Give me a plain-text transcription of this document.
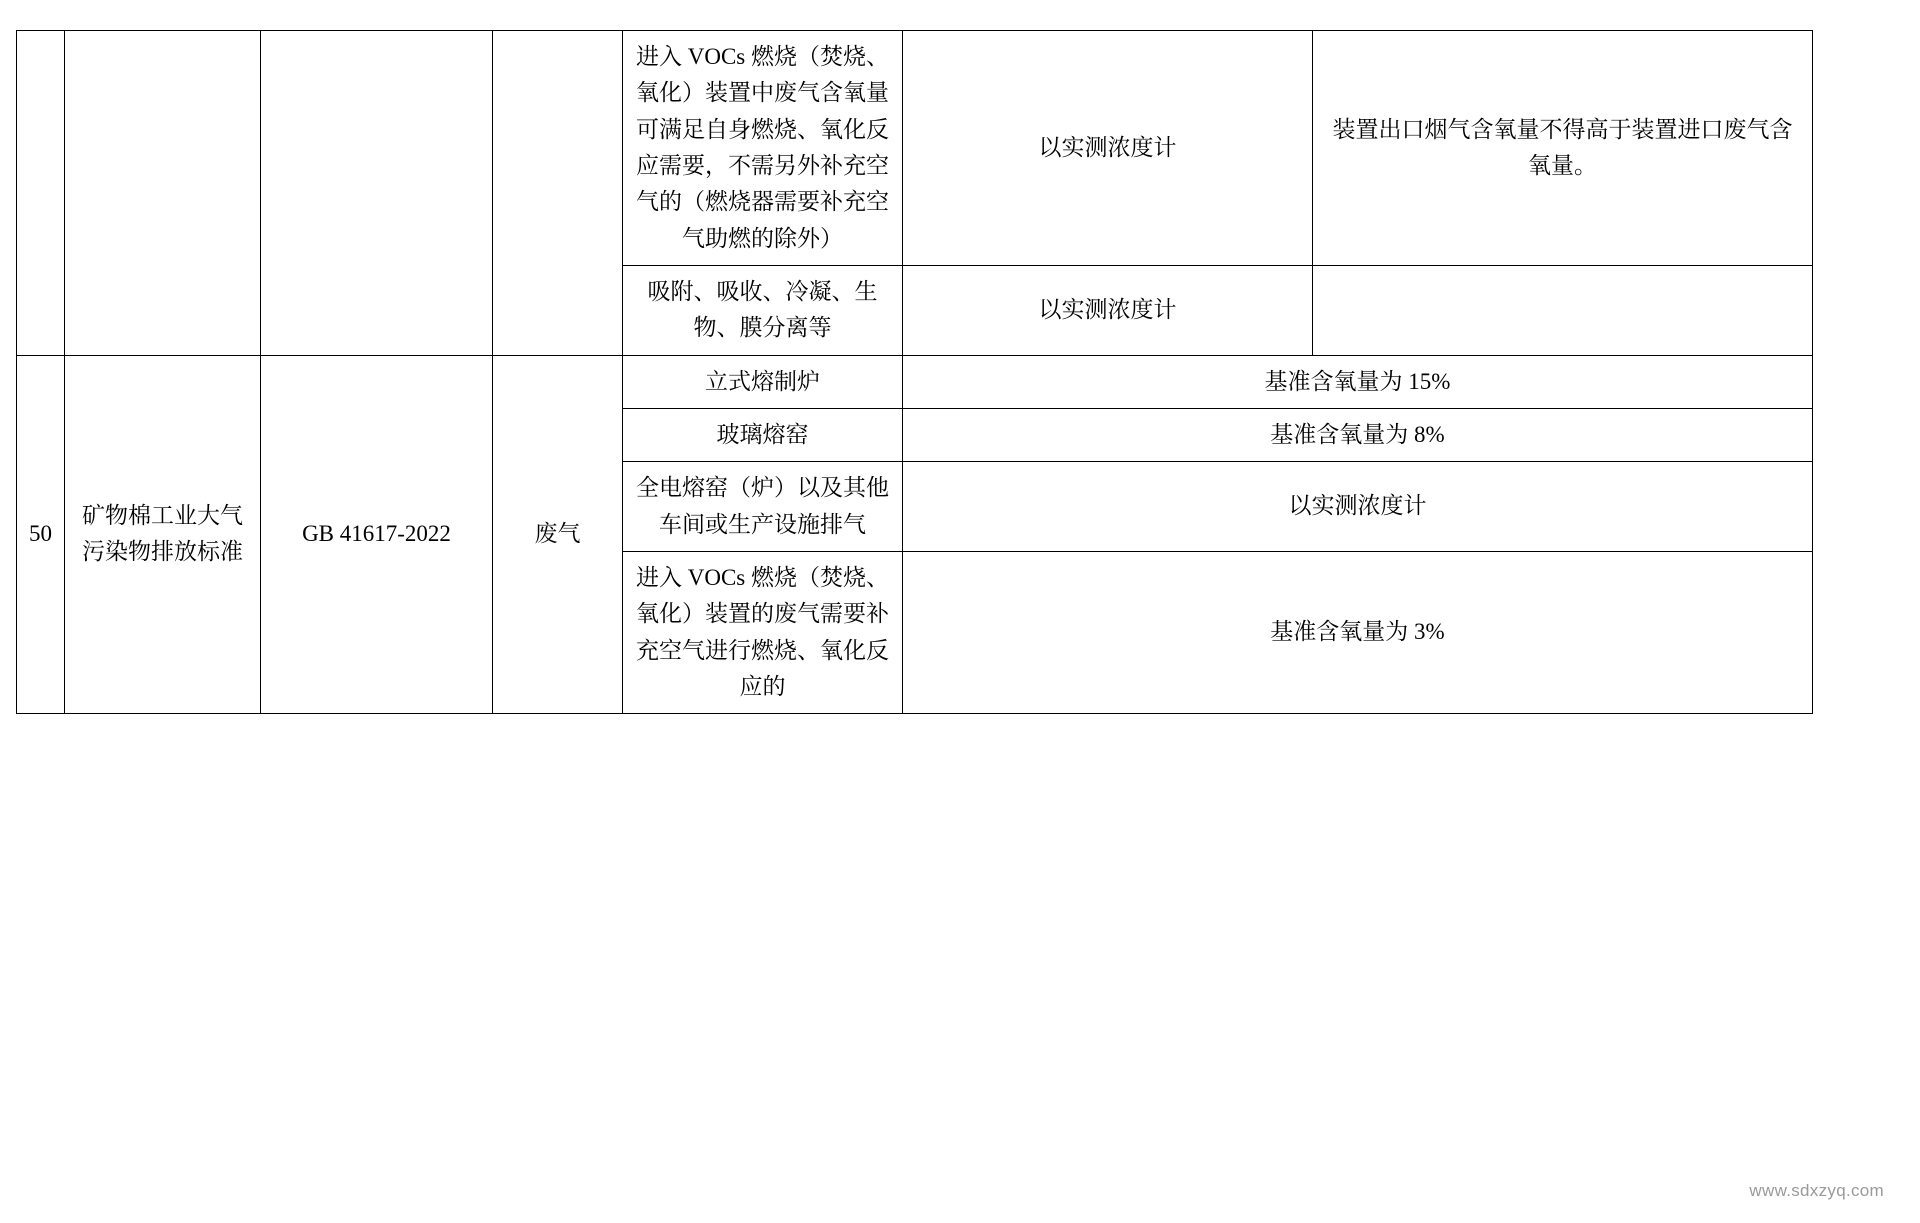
				进入 VOCs 燃烧（焚烧、氧化）装置中废气含氧量可满足自身燃烧、氧化反应需要，不需另外补充空气的（燃烧器需要补充空气助燃的除外）	以实测浓度计	装置出口烟气含氧量不得高于装置进口废气含氧量。
				吸附、吸收、冷凝、生物、膜分离等	以实测浓度计	
50	矿物棉工业大气污染物排放标准	GB 41617-2022	废气	立式熔制炉	基准含氧量为 15%	
				玻璃熔窑	基准含氧量为 8%	
				全电熔窑（炉）以及其他车间或生产设施排气	以实测浓度计	
				进入 VOCs 燃烧（焚烧、氧化）装置的废气需要补充空气进行燃烧、氧化反应的	基准含氧量为 3%	
www.sdxzyq.com
